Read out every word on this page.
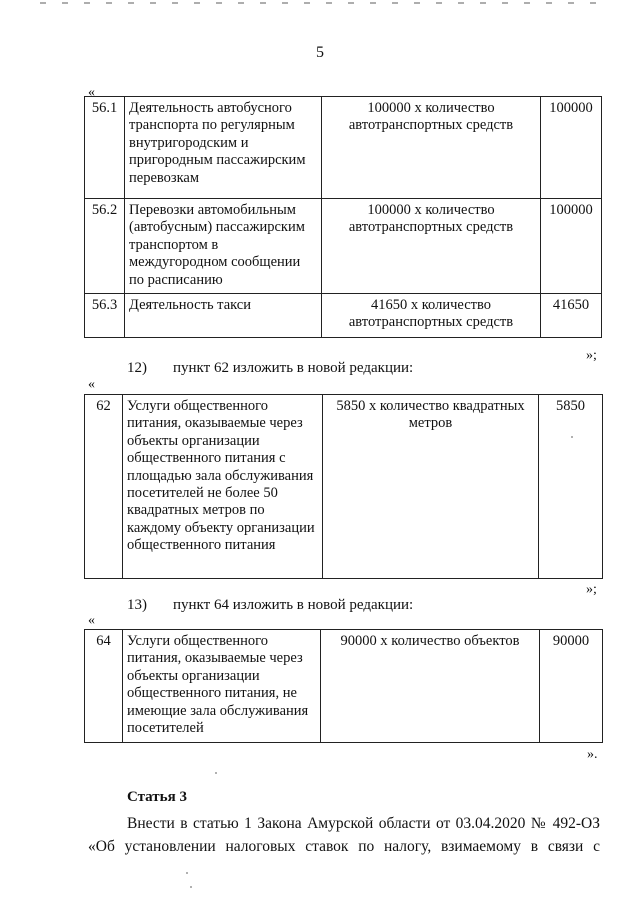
5
«
56.1	Деятельность автобусного транспорта по регулярным внутригородским и пригородным пассажирским перевозкам	100000 х количество автотранспортных средств	100000
56.2	Перевозки автомобильным (автобусным) пассажирским транспортом в междугородном сообщении по расписанию	100000 х количество автотранспортных средств	100000
56.3	Деятельность такси	41650 х количество автотранспортных средств	41650
»;
12) пункт 62 изложить в новой редакции:
«
62	Услуги общественного питания, оказываемые через объекты организации общественного питания с площадью зала обслуживания посетителей не более 50 квадратных метров по каждому объекту организации общественного питания	5850 х количество квадратных метров	5850
»;
13) пункт 64 изложить в новой редакции:
«
64	Услуги общественного питания, оказываемые через объекты организации общественного питания, не имеющие зала обслуживания посетителей	90000 х количество объектов	90000
».
Статья 3
Внести в статью 1 Закона Амурской области от 03.04.2020 № 492-ОЗ
«Об установлении налоговых ставок по налогу, взимаемому в связи с
